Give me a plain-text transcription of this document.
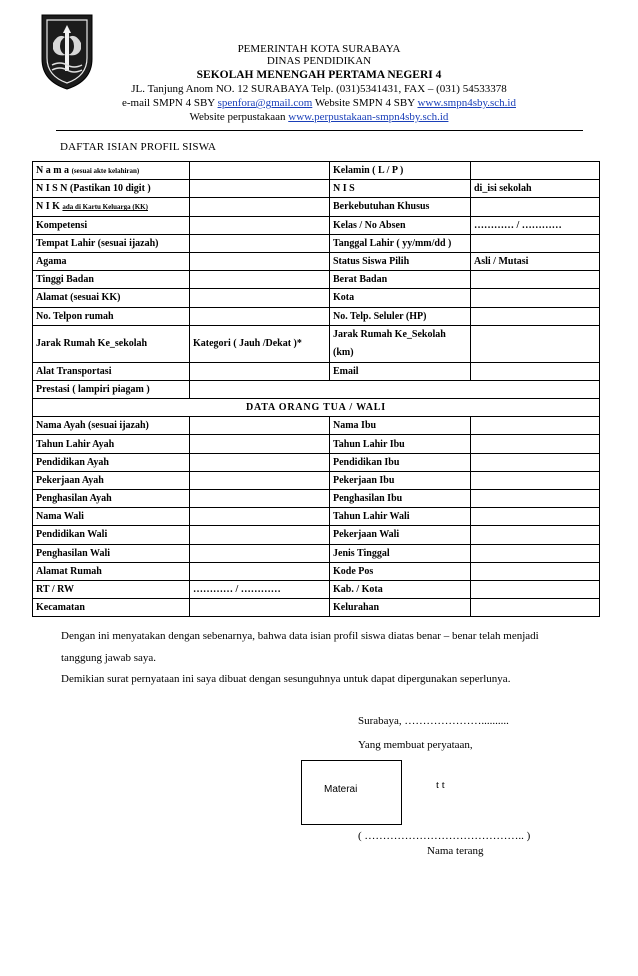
PEMERINTAH KOTA SURABAYA
DINAS PENDIDIKAN
SEKOLAH MENENGAH PERTAMA NEGERI 4
JL. Tanjung Anom NO. 12 SURABAYA Telp. (031)5341431, FAX – (031) 54533378
e-mail SMPN 4 SBY spenfora@gmail.com Website SMPN 4 SBY www.smpn4sby.sch.id
Website perpustakaan www.perpustakaan-smpn4sby.sch.id
DAFTAR ISIAN PROFIL SISWA
N a m a (sesuai akte kelahiran)		Kelamin ( L / P )	
N I S N (Pastikan 10 digit )		N I S	di_isi sekolah
N I K ada di Kartu Keluarga (KK)		Berkebutuhan Khusus	
Kompetensi		Kelas / No Absen	………… / …………
Tempat Lahir (sesuai ijazah)		Tanggal Lahir ( yy/mm/dd )	
Agama		Status Siswa Pilih	Asli / Mutasi
Tinggi Badan		Berat Badan	
Alamat (sesuai KK)		Kota	
No. Telpon rumah		No. Telp. Seluler (HP)	
Jarak Rumah Ke_sekolah	Kategori ( Jauh /Dekat )*	Jarak Rumah Ke_Sekolah (km)	
Alat Transportasi		Email	
Prestasi ( lampiri piagam )			
DATA ORANG TUA / WALI			
Nama Ayah (sesuai ijazah)		Nama Ibu	
Tahun Lahir Ayah		Tahun Lahir Ibu	
Pendidikan Ayah		Pendidikan Ibu	
Pekerjaan Ayah		Pekerjaan Ibu	
Penghasilan Ayah		Penghasilan Ibu	
Nama Wali		Tahun Lahir Wali	
Pendidikan Wali		Pekerjaan Wali	
Penghasilan Wali		Jenis Tinggal	
Alamat Rumah		Kode Pos	
RT / RW	………… / …………	Kab. / Kota	
Kecamatan		Kelurahan	
Dengan ini menyatakan dengan sebenarnya, bahwa data isian profil siswa diatas benar – benar telah menjadi
tanggung jawab saya.
Demikian surat pernyataan ini saya dibuat dengan sesunguhnya untuk dapat dipergunakan seperlunya.
Surabaya, …………………..........
Yang membuat peryataan,
Materai	t t
( …………………………………….. )
Nama terang
